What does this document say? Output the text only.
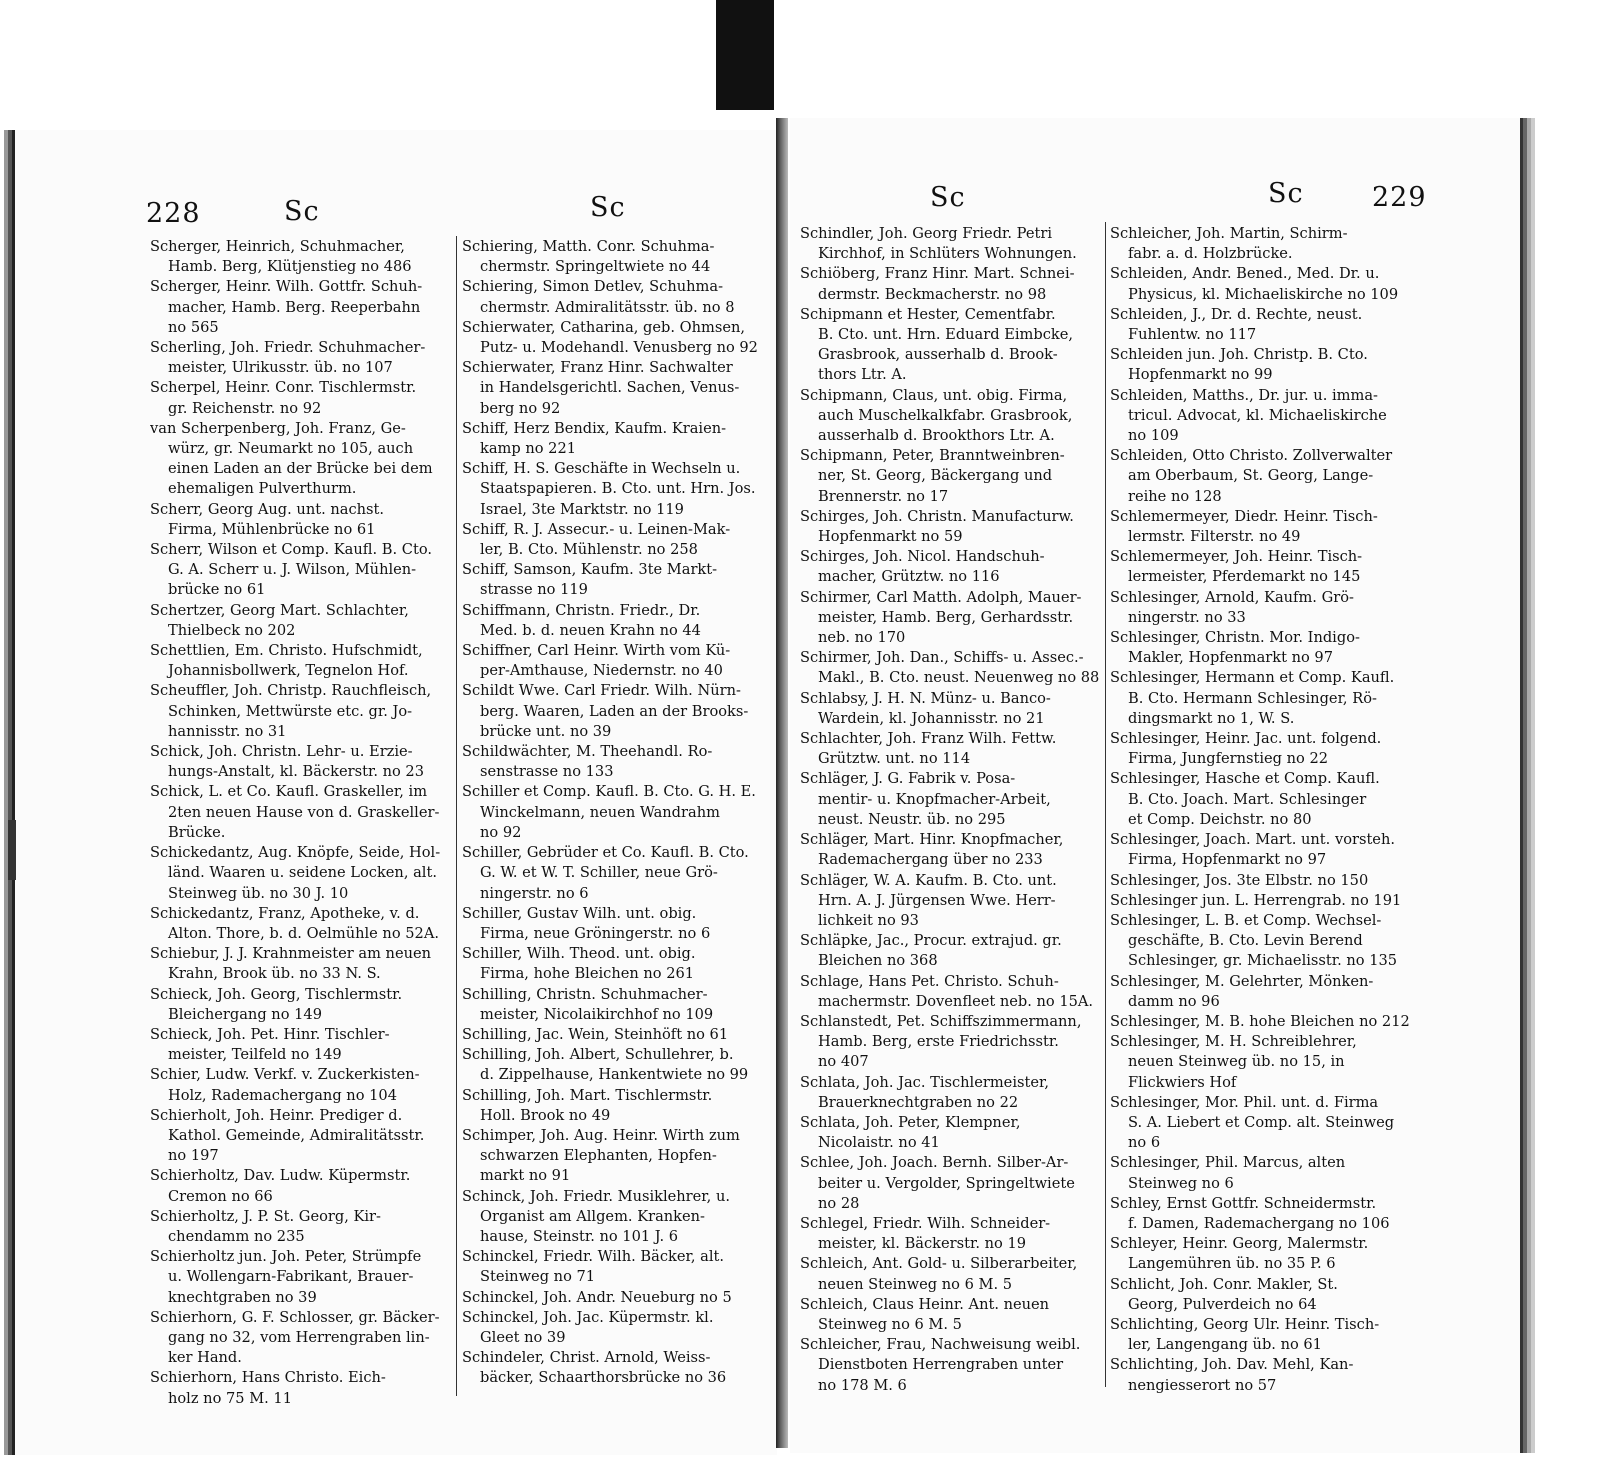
228	Sc	Sc	Sc	Sc	229

Scherger, Heinrich, Schuhmacher,
Hamb. Berg, Klütjenstieg no 486

Scherger, Heinr. Wilh. Gottfr. Schuh-
macher, Hamb. Berg. Reeperbahn
no 565

Scherling, Joh. Friedr. Schuhmacher-
meister, Ulrikusstr. üb. no 107

Scherpel, Heinr. Conr. Tischlermstr.
gr. Reichenstr. no 92

van Scherpenberg, Joh. Franz, Ge-
würz, gr. Neumarkt no 105, auch
einen Laden an der Brücke bei dem
ehemaligen Pulverthurm.

Scherr, Georg Aug. unt. nachst.
Firma, Mühlenbrücke no 61

Scherr, Wilson et Comp. Kaufl. B. Cto.
G. A. Scherr u. J. Wilson, Mühlen-
brücke no 61

Schertzer, Georg Mart. Schlachter,
Thielbeck no 202

Schettlien, Em. Christo. Hufschmidt,
Johannisbollwerk, Tegnelon Hof.

Scheuffler, Joh. Christp. Rauchfleisch,
Schinken, Mettwürste etc. gr. Jo-
hannisstr. no 31

Schick, Joh. Christn. Lehr- u. Erzie-
hungs-Anstalt, kl. Bäckerstr. no 23

Schick, L. et Co. Kaufl. Graskeller, im
2ten neuen Hause von d. Graskeller-
Brücke.

Schickedantz, Aug. Knöpfe, Seide, Hol-
länd. Waaren u. seidene Locken, alt.
Steinweg üb. no 30 J. 10

Schickedantz, Franz, Apotheke, v. d.
Alton. Thore, b. d. Oelmühle no 52A.

Schiebur, J. J. Krahnmeister am neuen
Krahn, Brook üb. no 33 N. S.

Schieck, Joh. Georg, Tischlermstr.
Bleichergang no 149

Schieck, Joh. Pet. Hinr. Tischler-
meister, Teilfeld no 149

Schier, Ludw. Verkf. v. Zuckerkisten-
Holz, Rademachergang no 104

Schierholt, Joh. Heinr. Prediger d.
Kathol. Gemeinde, Admiralitätsstr.
no 197

Schierholtz, Dav. Ludw. Küpermstr.
Cremon no 66

Schierholtz, J. P. St. Georg, Kir-
chendamm no 235

Schierholtz jun. Joh. Peter, Strümpfe
u. Wollengarn-Fabrikant, Brauer-
knechtgraben no 39

Schierhorn, G. F. Schlosser, gr. Bäcker-
gang no 32, vom Herrengraben lin-
ker Hand.

Schierhorn, Hans Christo. Eich-
holz no 75 M. 11

Schiering, Matth. Conr. Schuhma-
chermstr. Springeltwiete no 44

Schiering, Simon Detlev, Schuhma-
chermstr. Admiralitätsstr. üb. no 8

Schierwater, Catharina, geb. Ohmsen,
Putz- u. Modehandl. Venusberg no 92

Schierwater, Franz Hinr. Sachwalter
in Handelsgerichtl. Sachen, Venus-
berg no 92

Schiff, Herz Bendix, Kaufm. Kraien-
kamp no 221

Schiff, H. S. Geschäfte in Wechseln u.
Staatspapieren. B. Cto. unt. Hrn. Jos.
Israel, 3te Marktstr. no 119

Schiff, R. J. Assecur.- u. Leinen-Mak-
ler, B. Cto. Mühlenstr. no 258

Schiff, Samson, Kaufm. 3te Markt-
strasse no 119

Schiffmann, Christn. Friedr., Dr.
Med. b. d. neuen Krahn no 44

Schiffner, Carl Heinr. Wirth vom Kü-
per-Amthause, Niedernstr. no 40

Schildt Wwe. Carl Friedr. Wilh. Nürn-
berg. Waaren, Laden an der Brooks-
brücke unt. no 39

Schildwächter, M. Theehandl. Ro-
senstrasse no 133

Schiller et Comp. Kaufl. B. Cto. G. H. E.
Winckelmann, neuen Wandrahm
no 92

Schiller, Gebrüder et Co. Kaufl. B. Cto.
G. W. et W. T. Schiller, neue Grö-
ningerstr. no 6

Schiller, Gustav Wilh. unt. obig.
Firma, neue Gröningerstr. no 6

Schiller, Wilh. Theod. unt. obig.
Firma, hohe Bleichen no 261

Schilling, Christn. Schuhmacher-
meister, Nicolaikirchhof no 109

Schilling, Jac. Wein, Steinhöft no 61

Schilling, Joh. Albert, Schullehrer, b.
d. Zippelhause, Hankentwiete no 99

Schilling, Joh. Mart. Tischlermstr.
Holl. Brook no 49

Schimper, Joh. Aug. Heinr. Wirth zum
schwarzen Elephanten, Hopfen-
markt no 91

Schinck, Joh. Friedr. Musiklehrer, u.
Organist am Allgem. Kranken-
hause, Steinstr. no 101 J. 6

Schinckel, Friedr. Wilh. Bäcker, alt.
Steinweg no 71

Schinckel, Joh. Andr. Neueburg no 5

Schinckel, Joh. Jac. Küpermstr. kl.
Gleet no 39

Schindeler, Christ. Arnold, Weiss-
bäcker, Schaarthorsbrücke no 36

Schindler, Joh. Georg Friedr. Petri
Kirchhof, in Schlüters Wohnungen.

Schiöberg, Franz Hinr. Mart. Schnei-
dermstr. Beckmacherstr. no 98

Schipmann et Hester, Cementfabr.
B. Cto. unt. Hrn. Eduard Eimbcke,
Grasbrook, ausserhalb d. Brook-
thors Ltr. A.

Schipmann, Claus, unt. obig. Firma,
auch Muschelkalkfabr. Grasbrook,
ausserhalb d. Brookthors Ltr. A.

Schipmann, Peter, Branntweinbren-
ner, St. Georg, Bäckergang und
Brennerstr. no 17

Schirges, Joh. Christn. Manufacturw.
Hopfenmarkt no 59

Schirges, Joh. Nicol. Handschuh-
macher, Grütztw. no 116

Schirmer, Carl Matth. Adolph, Mauer-
meister, Hamb. Berg, Gerhardsstr.
neb. no 170

Schirmer, Joh. Dan., Schiffs- u. Assec.-
Makl., B. Cto. neust. Neuenweg no 88

Schlabsy, J. H. N. Münz- u. Banco-
Wardein, kl. Johannisstr. no 21

Schlachter, Joh. Franz Wilh. Fettw.
Grütztw. unt. no 114

Schläger, J. G. Fabrik v. Posa-
mentir- u. Knopfmacher-Arbeit,
neust. Neustr. üb. no 295

Schläger, Mart. Hinr. Knopfmacher,
Rademachergang über no 233

Schläger, W. A. Kaufm. B. Cto. unt.
Hrn. A. J. Jürgensen Wwe. Herr-
lichkeit no 93

Schläpke, Jac., Procur. extrajud. gr.
Bleichen no 368

Schlage, Hans Pet. Christo. Schuh-
machermstr. Dovenfleet neb. no 15A.

Schlanstedt, Pet. Schiffszimmermann,
Hamb. Berg, erste Friedrichsstr.
no 407

Schlata, Joh. Jac. Tischlermeister,
Brauerknechtgraben no 22

Schlata, Joh. Peter, Klempner,
Nicolaistr. no 41

Schlee, Joh. Joach. Bernh. Silber-Ar-
beiter u. Vergolder, Springeltwiete
no 28

Schlegel, Friedr. Wilh. Schneider-
meister, kl. Bäckerstr. no 19

Schleich, Ant. Gold- u. Silberarbeiter,
neuen Steinweg no 6 M. 5

Schleich, Claus Heinr. Ant. neuen
Steinweg no 6 M. 5

Schleicher, Frau, Nachweisung weibl.
Dienstboten Herrengraben unter
no 178 M. 6

Schleicher, Joh. Martin, Schirm-
fabr. a. d. Holzbrücke.

Schleiden, Andr. Bened., Med. Dr. u.
Physicus, kl. Michaeliskirche no 109

Schleiden, J., Dr. d. Rechte, neust.
Fuhlentw. no 117

Schleiden jun. Joh. Christp. B. Cto.
Hopfenmarkt no 99

Schleiden, Matths., Dr. jur. u. imma-
tricul. Advocat, kl. Michaeliskirche
no 109

Schleiden, Otto Christo. Zollverwalter
am Oberbaum, St. Georg, Lange-
reihe no 128

Schlemermeyer, Diedr. Heinr. Tisch-
lermstr. Filterstr. no 49

Schlemermeyer, Joh. Heinr. Tisch-
lermeister, Pferdemarkt no 145

Schlesinger, Arnold, Kaufm. Grö-
ningerstr. no 33

Schlesinger, Christn. Mor. Indigo-
Makler, Hopfenmarkt no 97

Schlesinger, Hermann et Comp. Kaufl.
B. Cto. Hermann Schlesinger, Rö-
dingsmarkt no 1, W. S.

Schlesinger, Heinr. Jac. unt. folgend.
Firma, Jungfernstieg no 22

Schlesinger, Hasche et Comp. Kaufl.
B. Cto. Joach. Mart. Schlesinger
et Comp. Deichstr. no 80

Schlesinger, Joach. Mart. unt. vorsteh.
Firma, Hopfenmarkt no 97

Schlesinger, Jos. 3te Elbstr. no 150

Schlesinger jun. L. Herrengrab. no 191

Schlesinger, L. B. et Comp. Wechsel-
geschäfte, B. Cto. Levin Berend
Schlesinger, gr. Michaelisstr. no 135

Schlesinger, M. Gelehrter, Mönken-
damm no 96

Schlesinger, M. B. hohe Bleichen no 212

Schlesinger, M. H. Schreiblehrer,
neuen Steinweg üb. no 15, in
Flickwiers Hof

Schlesinger, Mor. Phil. unt. d. Firma
S. A. Liebert et Comp. alt. Steinweg
no 6

Schlesinger, Phil. Marcus, alten
Steinweg no 6

Schley, Ernst Gottfr. Schneidermstr.
f. Damen, Rademachergang no 106

Schleyer, Heinr. Georg, Malermstr.
Langemühren üb. no 35 P. 6

Schlicht, Joh. Conr. Makler, St.
Georg, Pulverdeich no 64

Schlichting, Georg Ulr. Heinr. Tisch-
ler, Langengang üb. no 61

Schlichting, Joh. Dav. Mehl, Kan-
nengiesserort no 57
